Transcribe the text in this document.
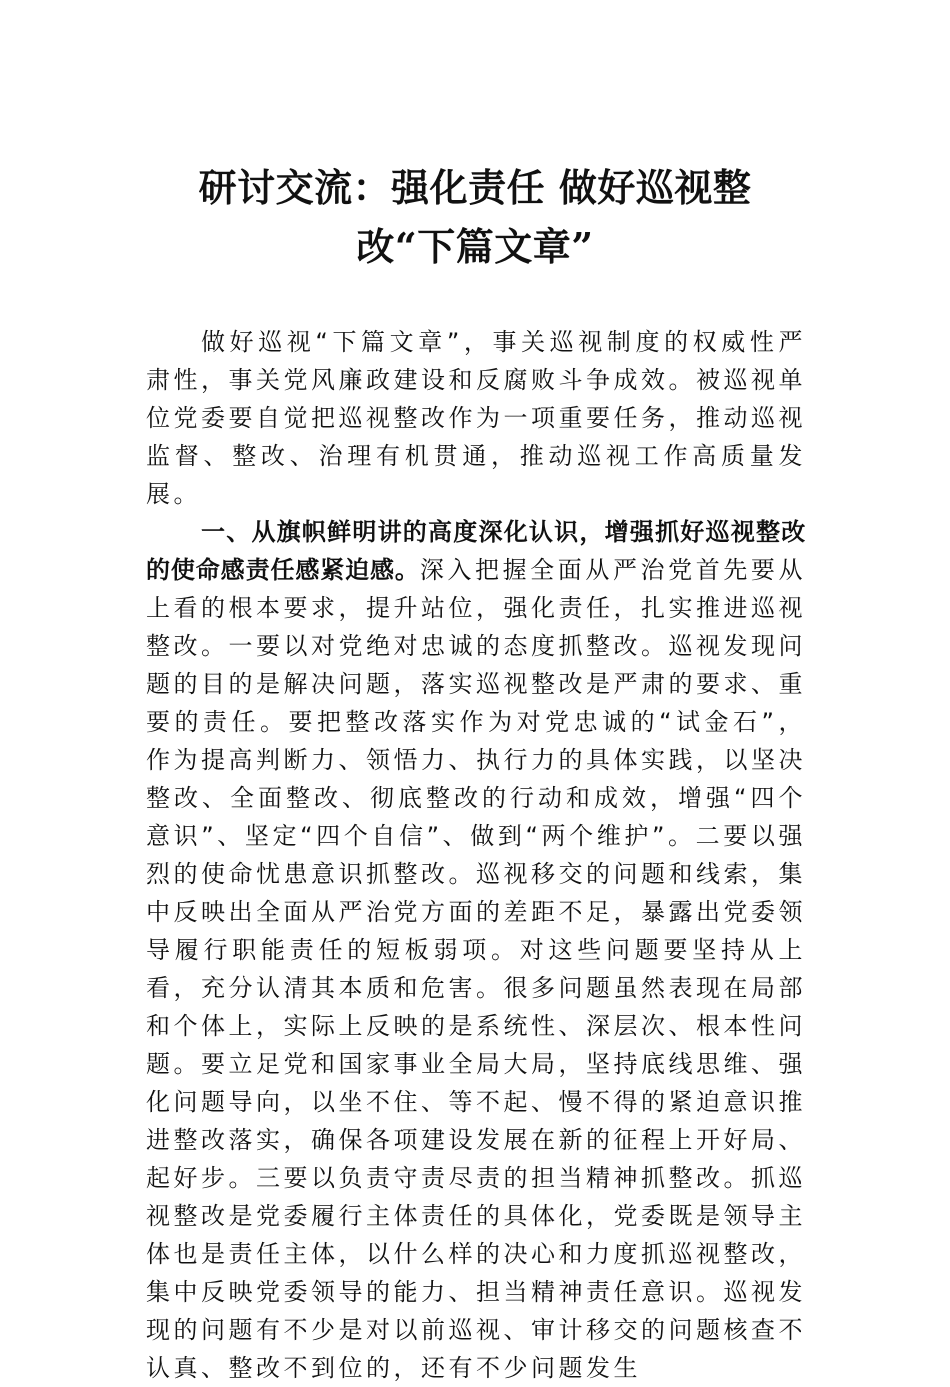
研讨交流：强化责任 做好巡视整改“下篇文章”

做好巡视“下篇文章”，事关巡视制度的权威性严肃性，事关党风廉政建设和反腐败斗争成效。被巡视单位党委要自觉把巡视整改作为一项重要任务，推动巡视监督、整改、治理有机贯通，推动巡视工作高质量发展。

一、从旗帜鲜明讲的高度深化认识，增强抓好巡视整改的使命感责任感紧迫感。深入把握全面从严治党首先要从上看的根本要求，提升站位，强化责任，扎实推进巡视整改。一要以对党绝对忠诚的态度抓整改。巡视发现问题的目的是解决问题，落实巡视整改是严肃的要求、重要的责任。要把整改落实作为对党忠诚的“试金石”，作为提高判断力、领悟力、执行力的具体实践，以坚决整改、全面整改、彻底整改的行动和成效，增强“四个意识”、坚定“四个自信”、做到“两个维护”。二要以强烈的使命忧患意识抓整改。巡视移交的问题和线索，集中反映出全面从严治党方面的差距不足，暴露出党委领导履行职能责任的短板弱项。对这些问题要坚持从上看，充分认清其本质和危害。很多问题虽然表现在局部和个体上，实际上反映的是系统性、深层次、根本性问题。要立足党和国家事业全局大局，坚持底线思维、强化问题导向，以坐不住、等不起、慢不得的紧迫意识推进整改落实，确保各项建设发展在新的征程上开好局、起好步。三要以负责守责尽责的担当精神抓整改。抓巡视整改是党委履行主体责任的具体化，党委既是领导主体也是责任主体，以什么样的决心和力度抓巡视整改，集中反映党委领导的能力、担当精神责任意识。巡视发现的问题有不少是对以前巡视、审计移交的问题核查不认真、整改不到位的，还有不少问题发生
